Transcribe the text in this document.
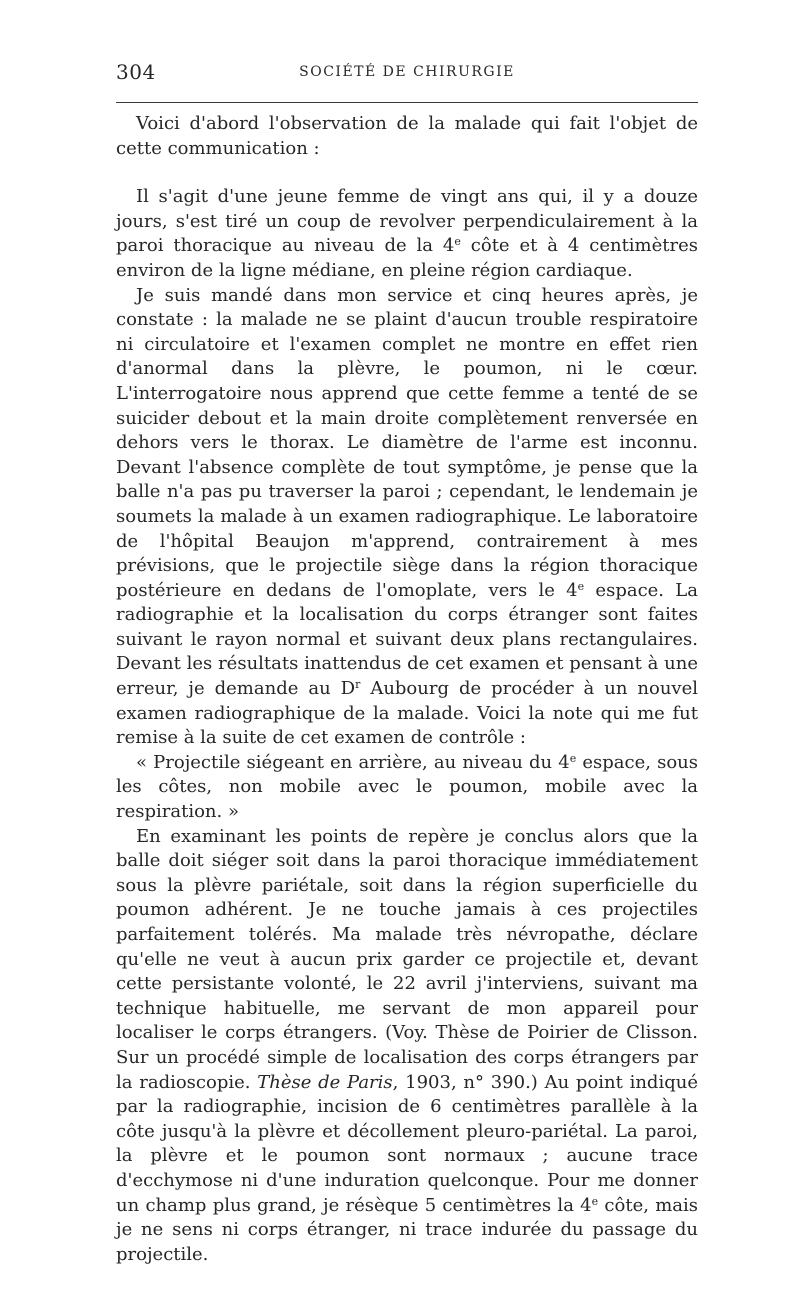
304	SOCIÉTÉ DE CHIRURGIE

Voici d'abord l'observation de la malade qui fait l'objet de cette communication :

Il s'agit d'une jeune femme de vingt ans qui, il y a douze jours, s'est tiré un coup de revolver perpendiculairement à la paroi thoracique au niveau de la 4e côte et à 4 centimètres environ de la ligne médiane, en pleine région cardiaque.

Je suis mandé dans mon service et cinq heures après, je constate : la malade ne se plaint d'aucun trouble respiratoire ni circulatoire et l'examen complet ne montre en effet rien d'anormal dans la plèvre, le poumon, ni le cœur. L'interrogatoire nous apprend que cette femme a tenté de se suicider debout et la main droite complètement renversée en dehors vers le thorax. Le diamètre de l'arme est inconnu. Devant l'absence complète de tout symptôme, je pense que la balle n'a pas pu traverser la paroi ; cependant, le lendemain je soumets la malade à un examen radiographique. Le laboratoire de l'hôpital Beaujon m'apprend, contrairement à mes prévisions, que le projectile siège dans la région thoracique postérieure en dedans de l'omoplate, vers le 4e espace. La radiographie et la localisation du corps étranger sont faites suivant le rayon normal et suivant deux plans rectangulaires. Devant les résultats inattendus de cet examen et pensant à une erreur, je demande au $D^r$ Aubourg de procéder à un nouvel examen radiographique de la malade. Voici la note qui me fut remise à la suite de cet examen de contrôle :

« Projectile siégeant en arrière, au niveau du 4e espace, sous les côtes, non mobile avec le poumon, mobile avec la respiration. »

En examinant les points de repère je conclus alors que la balle doit siéger soit dans la paroi thoracique immédiatement sous la plèvre pariétale, soit dans la région superficielle du poumon adhérent. Je ne touche jamais à ces projectiles parfaitement tolérés. Ma malade très névropathe, déclare qu'elle ne veut à aucun prix garder ce projectile et, devant cette persistante volonté, le 22 avril j'interviens, suivant ma technique habituelle, me servant de mon appareil pour localiser le corps étrangers. (Voy. Thèse de Poirier de Clisson. Sur un procédé simple de localisation des corps étrangers par la radioscopie. Thèse de Paris, 1903, n° 390.) Au point indiqué par la radiographie, incision de 6 centimètres parallèle à la côte jusqu'à la plèvre et décollement pleuro-pariétal. La paroi, la plèvre et le poumon sont normaux ; aucune trace d'ecchymose ni d'une induration quelconque. Pour me donner un champ plus grand, je résèque 5 centimètres la 4e côte, mais je ne sens ni corps étranger, ni trace indurée du passage du projectile.
